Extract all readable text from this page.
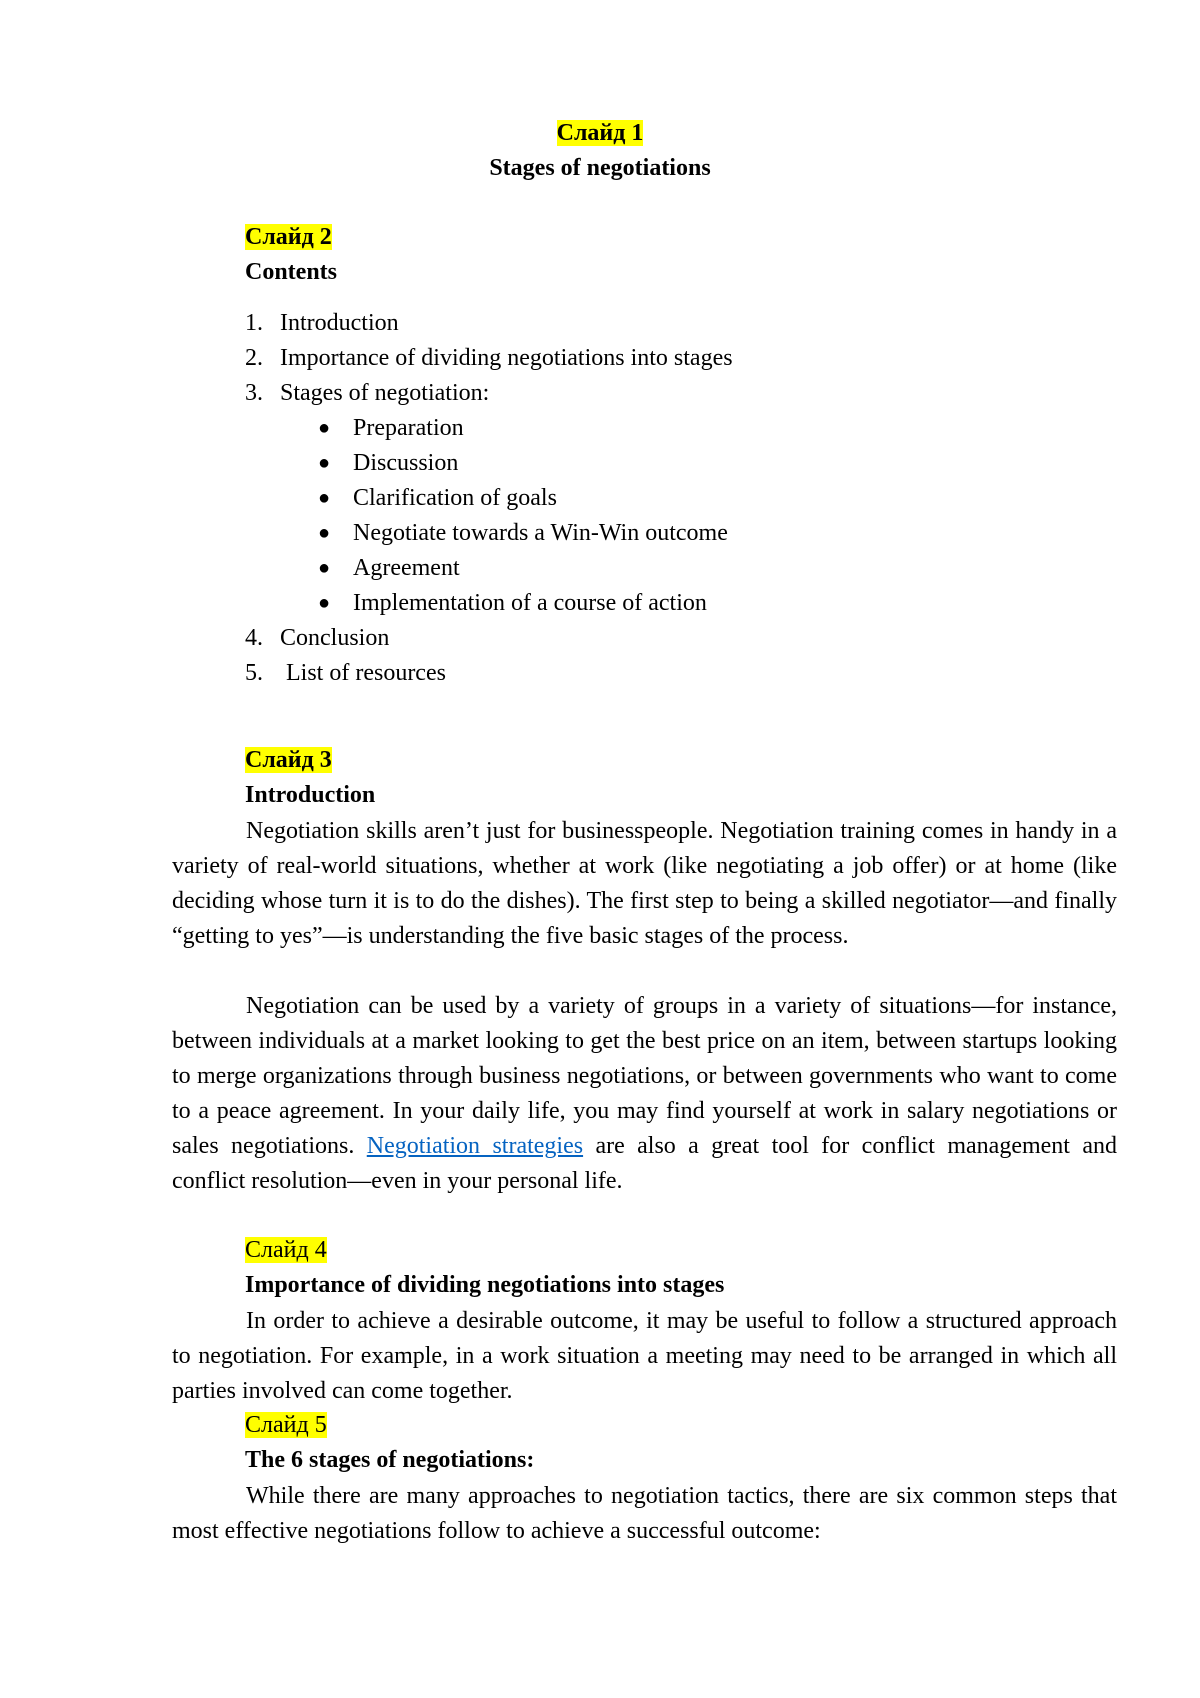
Слайд 1
Stages of negotiations
Слайд 2
Contents
1. Introduction
2. Importance of dividing negotiations into stages
3. Stages of negotiation:
● Preparation
● Discussion
● Clarification of goals
● Negotiate towards a Win-Win outcome
● Agreement
● Implementation of a course of action
4. Conclusion
5. List of resources
Слайд 3
Introduction

Negotiation skills aren’t just for businesspeople. Negotiation training comes in handy in a variety of real-world situations, whether at work (like negotiating a job offer) or at home (like deciding whose turn it is to do the dishes). The first step to being a skilled negotiator—and finally “getting to yes”—is understanding the five basic stages of the process.

Negotiation can be used by a variety of groups in a variety of situations—for instance, between individuals at a market looking to get the best price on an item, between startups looking to merge organizations through business negotiations, or between governments who want to come to a peace agreement. In your daily life, you may find yourself at work in salary negotiations or sales negotiations. Negotiation strategies are also a great tool for conflict management and conflict resolution—even in your personal life.

Слайд 4
Importance of dividing negotiations into stages

In order to achieve a desirable outcome, it may be useful to follow a structured approach to negotiation. For example, in a work situation a meeting may need to be arranged in which all parties involved can come together.

Слайд 5
The 6 stages of negotiations:

While there are many approaches to negotiation tactics, there are six common steps that most effective negotiations follow to achieve a successful outcome:
